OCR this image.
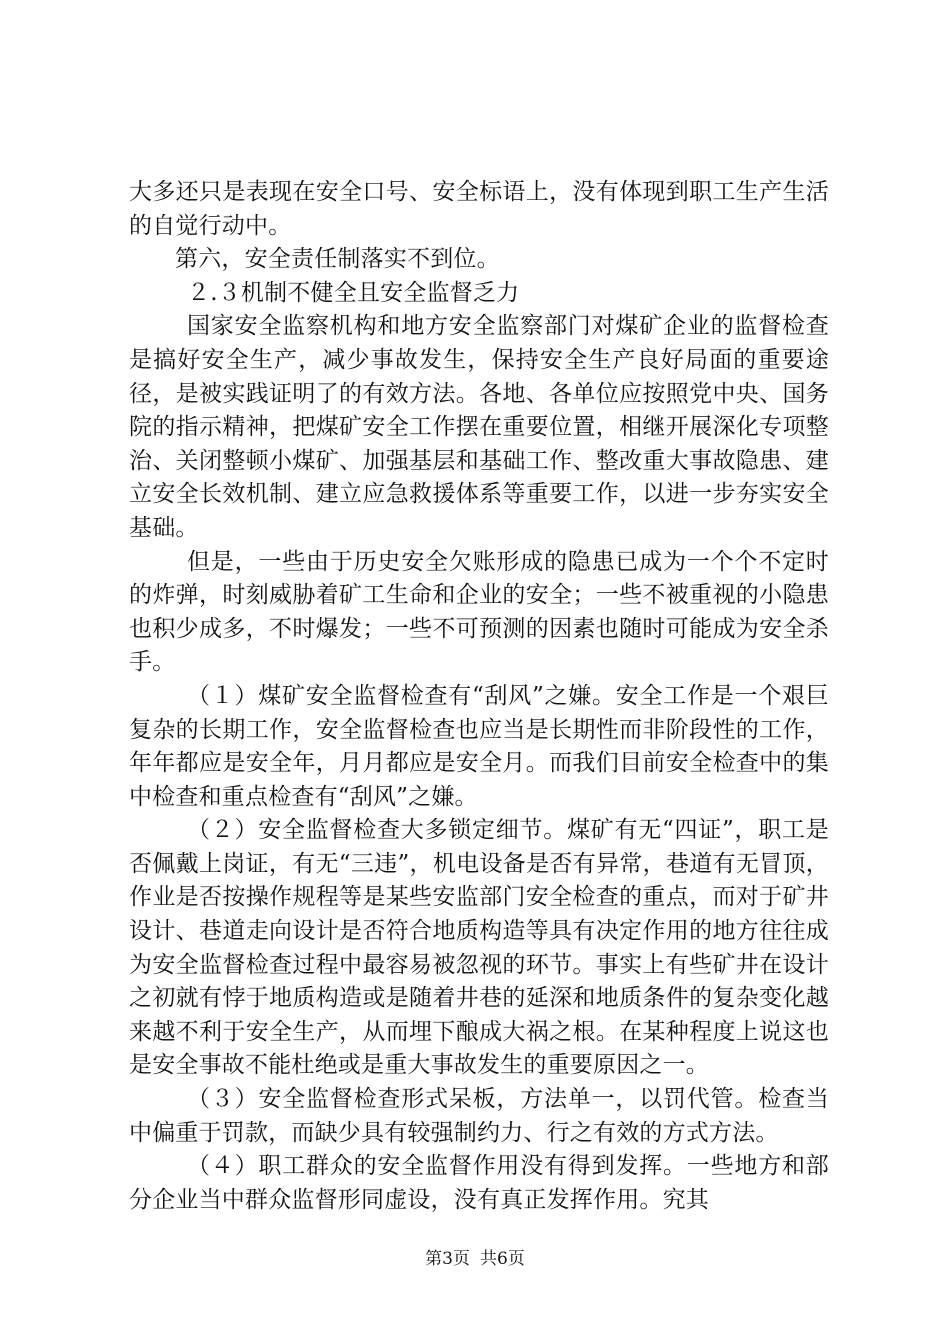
大多还只是表现在安全口号、安全标语上，没有体现到职工生产生活的自觉行动中。

第六，安全责任制落实不到位。

２.３机制不健全且安全监督乏力

国家安全监察机构和地方安全监察部门对煤矿企业的监督检查是搞好安全生产，减少事故发生，保持安全生产良好局面的重要途径，是被实践证明了的有效方法。各地、各单位应按照党中央、国务院的指示精神，把煤矿安全工作摆在重要位置，相继开展深化专项整治、关闭整顿小煤矿、加强基层和基础工作、整改重大事故隐患、建立安全长效机制、建立应急救援体系等重要工作，以进一步夯实安全基础。

但是，一些由于历史安全欠账形成的隐患已成为一个个不定时的炸弹，时刻威胁着矿工生命和企业的安全；一些不被重视的小隐患也积少成多，不时爆发；一些不可预测的因素也随时可能成为安全杀手。

（１）煤矿安全监督检查有“刮风”之嫌。安全工作是一个艰巨复杂的长期工作，安全监督检查也应当是长期性而非阶段性的工作，年年都应是安全年，月月都应是安全月。而我们目前安全检查中的集中检查和重点检查有“刮风”之嫌。

（２）安全监督检查大多锁定细节。煤矿有无“四证”，职工是否佩戴上岗证，有无“三违”，机电设备是否有异常，巷道有无冒顶，作业是否按操作规程等是某些安监部门安全检查的重点，而对于矿井设计、巷道走向设计是否符合地质构造等具有决定作用的地方往往成为安全监督检查过程中最容易被忽视的环节。事实上有些矿井在设计之初就有悖于地质构造或是随着井巷的延深和地质条件的复杂变化越来越不利于安全生产，从而埋下酿成大祸之根。在某种程度上说这也是安全事故不能杜绝或是重大事故发生的重要原因之一。

（３）安全监督检查形式呆板，方法单一，以罚代管。检查当中偏重于罚款，而缺少具有较强制约力、行之有效的方式方法。

（４）职工群众的安全监督作用没有得到发挥。一些地方和部分企业当中群众监督形同虚设，没有真正发挥作用。究其

第3页 共6页
